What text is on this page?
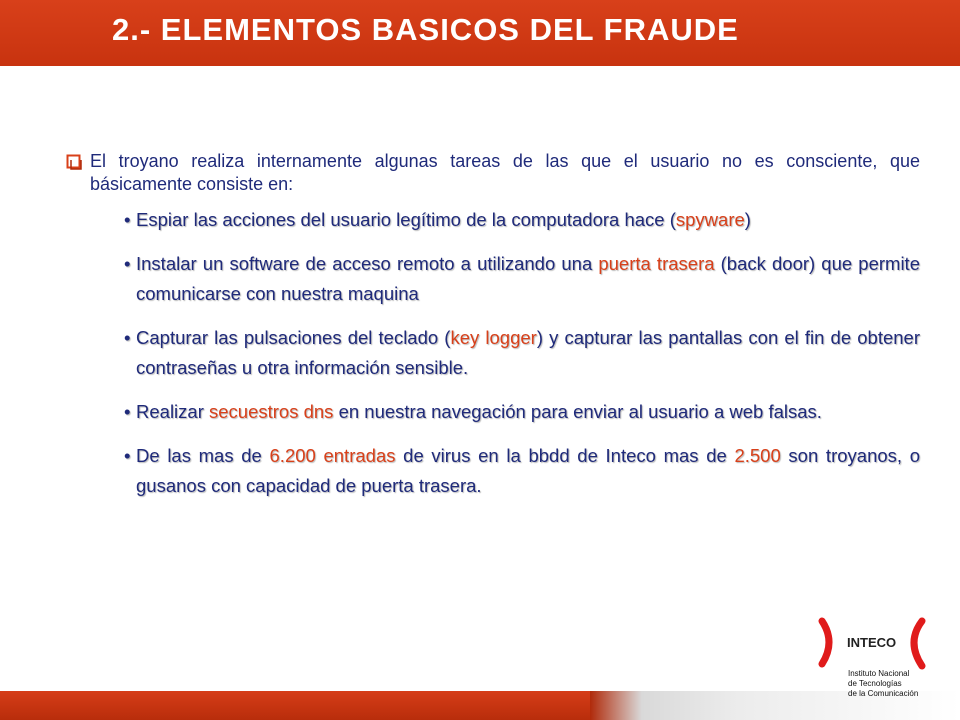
2.- ELEMENTOS BASICOS DEL FRAUDE
El troyano realiza internamente algunas tareas de las que el usuario no es consciente, que básicamente consiste en:
• Espiar las acciones del usuario legítimo de la computadora hace (spyware)
• Instalar un software de acceso remoto a utilizando una puerta trasera (back door) que permite comunicarse con nuestra maquina
• Capturar las pulsaciones del teclado (key logger) y capturar las pantallas con el fin de obtener contraseñas u otra información sensible.
• Realizar secuestros dns en nuestra navegación para enviar al usuario a web falsas.
• De las mas de 6.200 entradas de virus en la bbdd de Inteco mas de 2.500 son troyanos, o gusanos con capacidad de puerta trasera.
INTECO
Instituto Nacional
de Tecnologías
de la Comunicación
